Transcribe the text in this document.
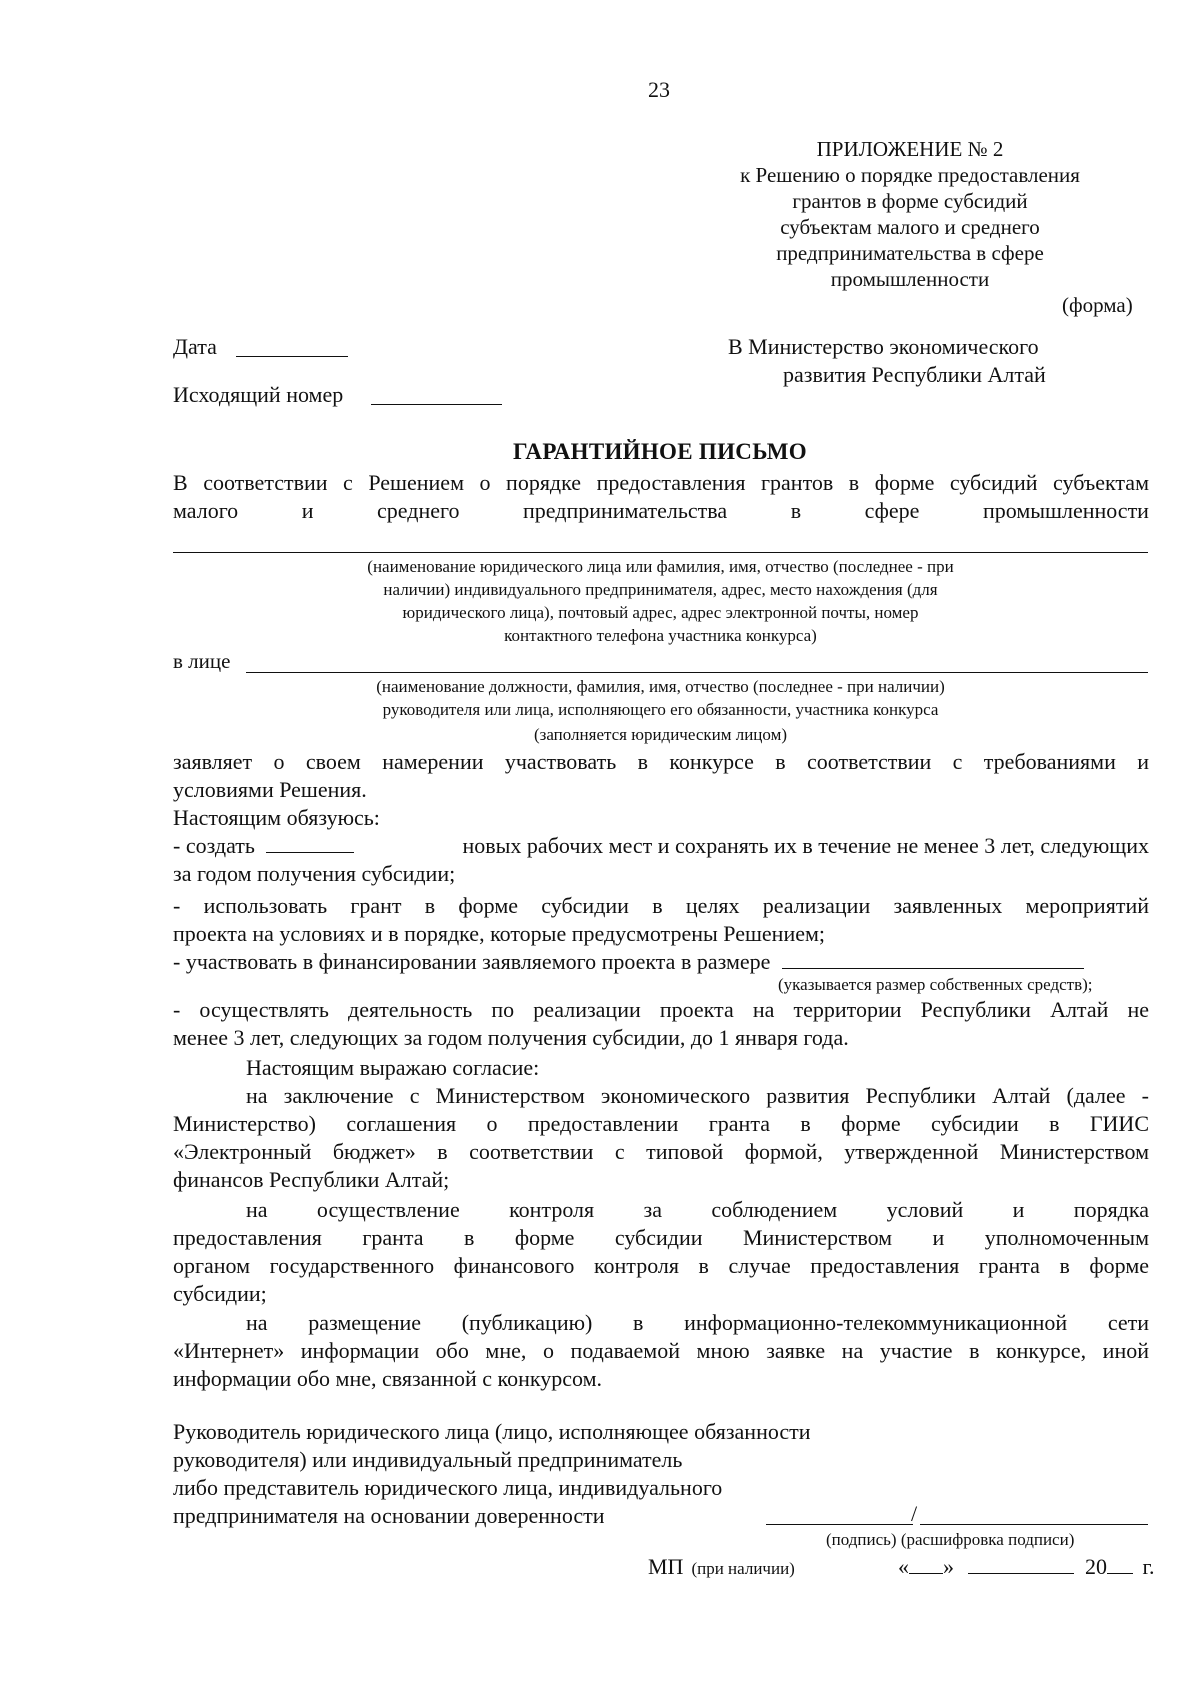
23
ПРИЛОЖЕНИЕ № 2
к Решению о порядке предоставления
грантов в форме субсидий
субъектам малого и среднего
предпринимательства в сфере
промышленности
(форма)
Дата
Исходящий номер
В Министерство экономического
развития Республики Алтай
ГАРАНТИЙНОЕ ПИСЬМО
В соответствии с Решением о порядке предоставления грантов в форме субсидий субъектам
малого	и	среднего	предпринимательства	в	сфере	промышленности
(наименование юридического лица или фамилия, имя, отчество (последнее - при
наличии) индивидуального предпринимателя, адрес, место нахождения (для
юридического лица), почтовый адрес, адрес электронной почты, номер
контактного телефона участника конкурса)
в лице
(наименование должности, фамилия, имя, отчество (последнее - при наличии)
руководителя или лица, исполняющего его обязанности, участника конкурса
(заполняется юридическим лицом)
заявляет о своем намерении участвовать в конкурсе в соответствии с требованиями и
условиями Решения.
Настоящим обязуюсь:
- создать	новых рабочих мест и сохранять их в течение не менее 3 лет, следующих
за годом получения субсидии;
- использовать грант в форме субсидии в целях реализации заявленных мероприятий
проекта на условиях и в порядке, которые предусмотрены Решением;
- участвовать в финансировании заявляемого проекта в размере
(указывается размер собственных средств);
- осуществлять деятельность по реализации проекта на территории Республики Алтай не
менее 3 лет, следующих за годом получения субсидии, до 1 января года.
Настоящим выражаю согласие:
на заключение с Министерством экономического развития Республики Алтай (далее -
Министерство) соглашения о предоставлении гранта в форме субсидии в ГИИС
«Электронный бюджет» в соответствии с типовой формой, утвержденной Министерством
финансов Республики Алтай;
на осуществление контроля за соблюдением условий и порядка
предоставления гранта в форме субсидии Министерством и уполномоченным
органом государственного финансового контроля в случае предоставления гранта в форме
субсидии;
на размещение (публикацию) в информационно-телекоммуникационной сети
«Интернет» информации обо мне, о подаваемой мною заявке на участие в конкурсе, иной
информации обо мне, связанной с конкурсом.
Руководитель юридического лица (лицо, исполняющее обязанности
руководителя) или индивидуальный предприниматель
либо представитель юридического лица, индивидуального
предпринимателя на основании доверенности	/
(подпись) (расшифровка подписи)
МП (при наличии)	« »	20 г.
